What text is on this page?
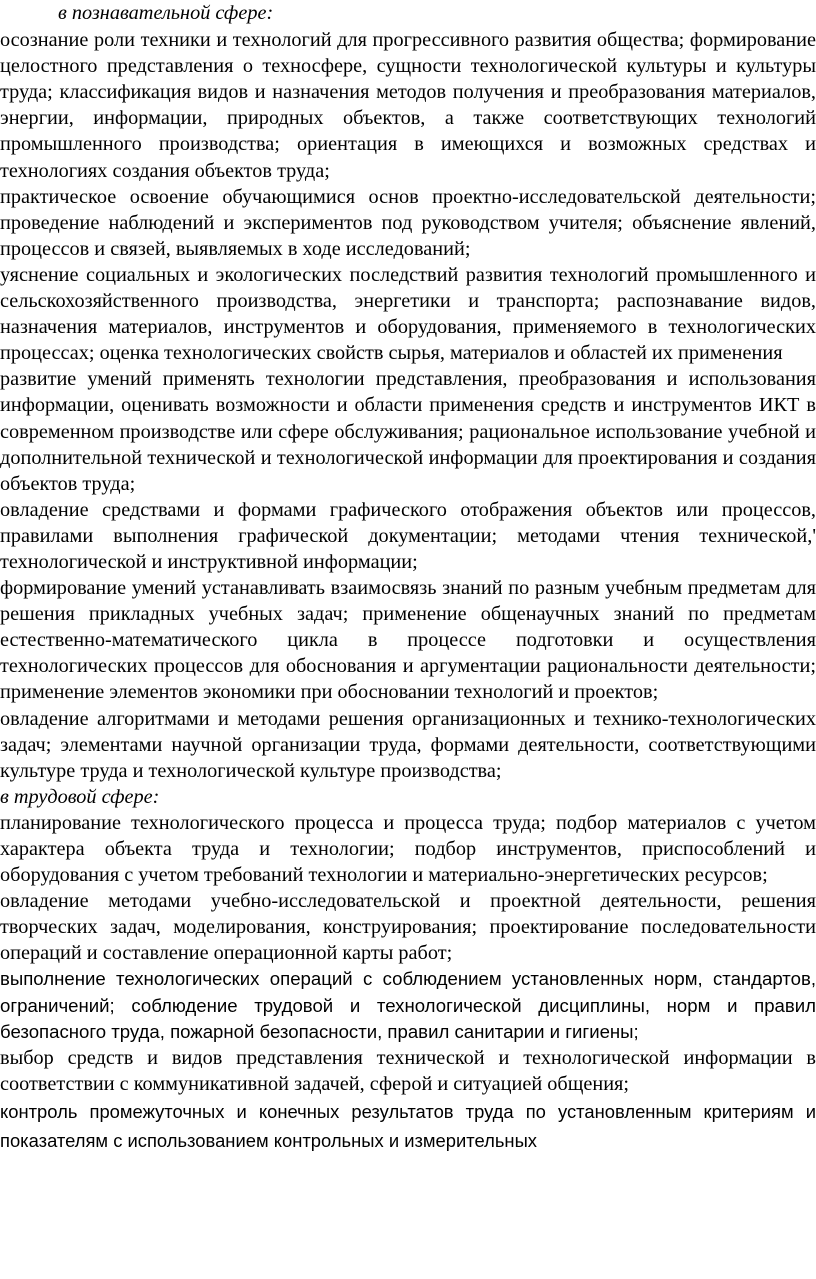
в познавательной сфере:

осознание роли техники и технологий для прогрессивного развития общества; формирование целостного представления о техносфере, сущности технологической культуры и культуры труда; классификация видов и назначения методов получения и преобразования материалов, энергии, информации, природных объектов, а также соответствующих технологий промышленного производства; ориентация в имеющихся и возможных средствах и технологиях создания объектов труда;

практическое освоение обучающимися основ проектно-исследовательской деятельности; проведение наблюдений и экспериментов под руководством учителя; объяснение явлений, процессов и связей, выявляемых в ходе исследований;

уяснение социальных и экологических последствий развития технологий промышленного и сельскохозяйственного производства, энергетики и транспорта; распознавание видов, назначения материалов, инструментов и оборудования, применяемого в технологических процессах; оценка технологических свойств сырья, материалов и областей их применения

развитие умений применять технологии представления, преобразования и использования информации, оценивать возможности и области применения средств и инструментов ИКТ в современном производстве или сфере обслуживания; рациональное использование учебной и дополнительной технической и технологической информации для проектирования и создания объектов труда;

овладение средствами и формами графического отображения объектов или процессов, правилами выполнения графической документации; методами чтения технической,' технологической и инструктивной информации;

формирование умений устанавливать взаимосвязь знаний по разным учебным предметам для решения прикладных учебных задач; применение общенаучных знаний по предметам естественно-математического цикла в процессе подготовки и осуществления технологических процессов для обоснования и аргументации рациональности деятельности; применение элементов экономики при обосновании технологий и проектов;

овладение алгоритмами и методами решения организационных и технико-технологических задач; элементами научной организации труда, формами деятельности, соответствующими культуре труда и технологической культуре производства;

в трудовой сфере:

планирование технологического процесса и процесса труда; подбор материалов с учетом характера объекта труда и технологии; подбор инструментов, приспособлений и оборудования с учетом требований технологии и материально-энергетических ресурсов;

овладение методами учебно-исследовательской и проектной деятельности, решения творческих задач, моделирования, конструирования; проектирование последовательности операций и составление операционной карты работ;

выполнение технологических операций с соблюдением установленных норм, стандартов, ограничений; соблюдение трудовой и технологической дисциплины, норм и правил безопасного труда, пожарной безопасности, правил санитарии и гигиены;

выбор средств и видов представления технической и технологической информации в соответствии с коммуникативной задачей, сферой и ситуацией общения;

контроль промежуточных и конечных результатов труда по установленным критериям и показателям с использованием контрольных и измерительных
